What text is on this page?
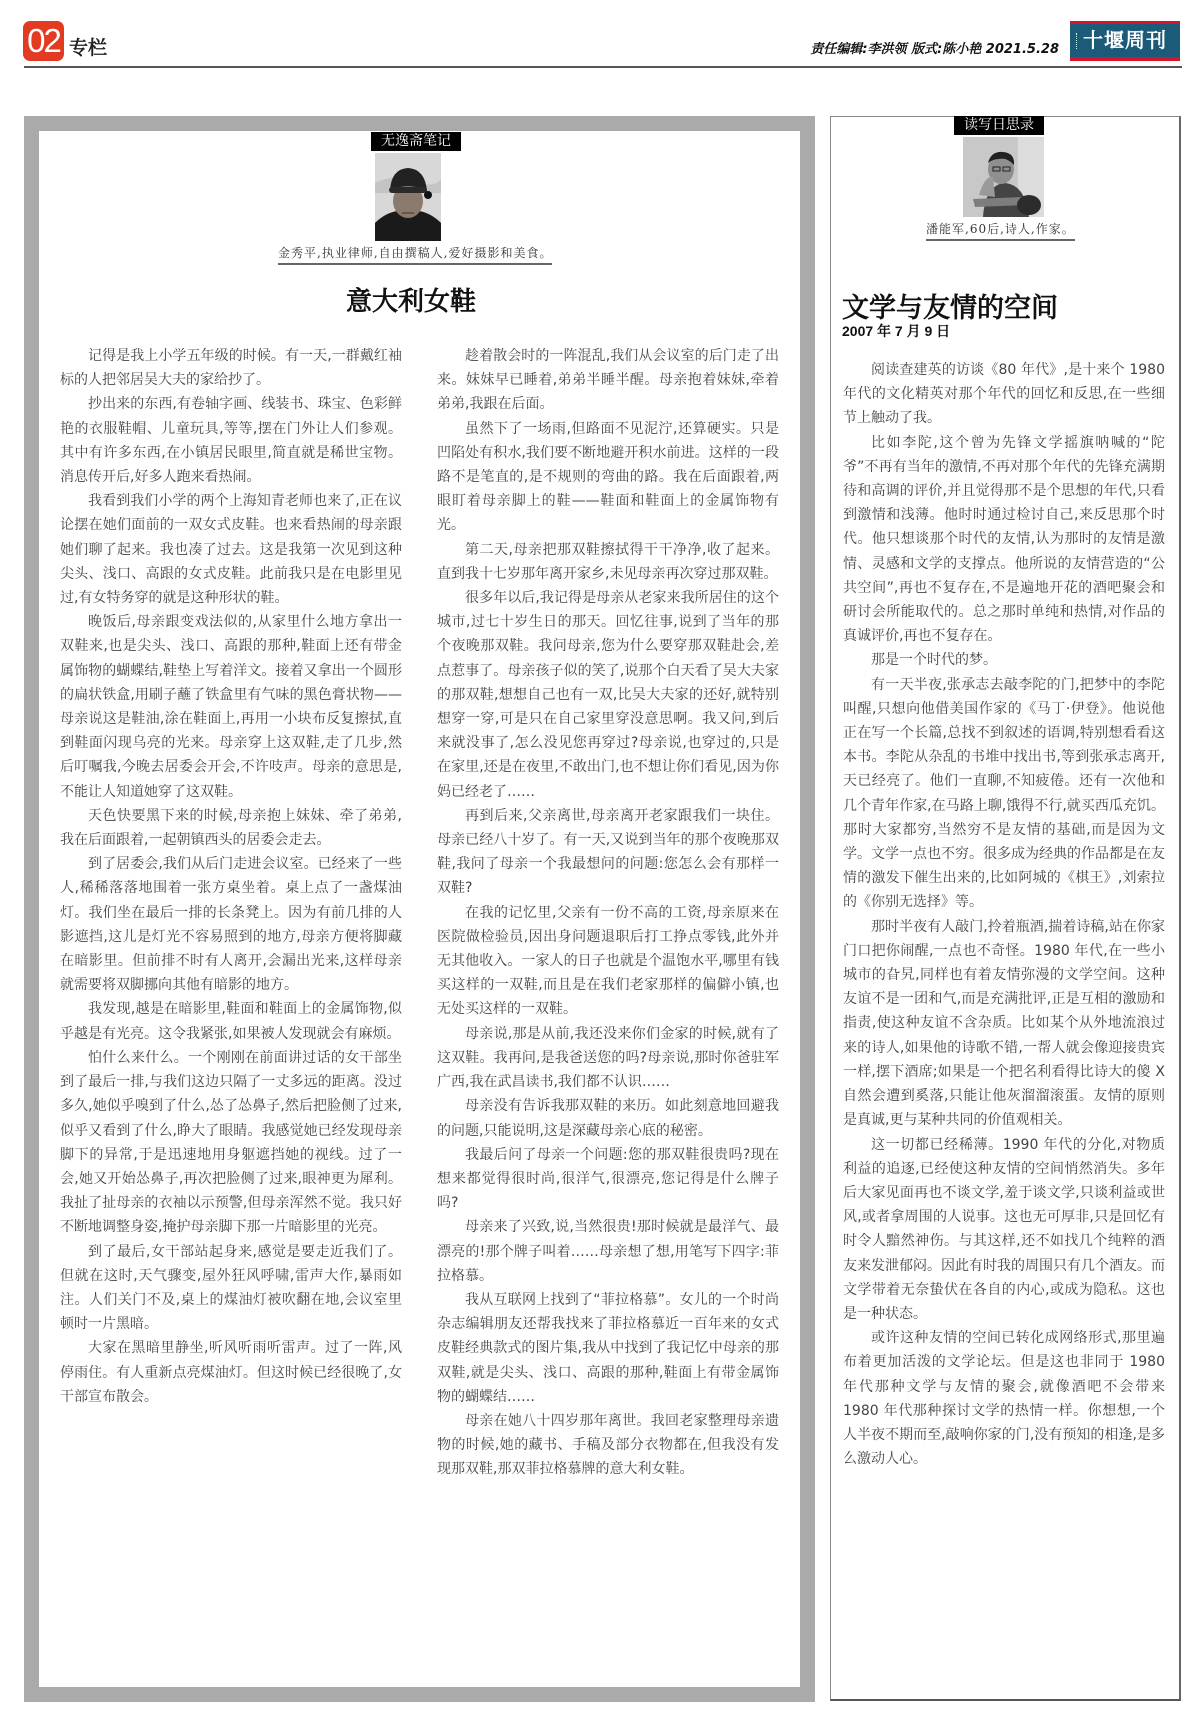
02 专栏	责任编辑:李洪领 版式:陈小艳 2021.5.28	十堰周刊
无逸斋笔记
金秀平,执业律师,自由撰稿人,爱好摄影和美食。
意大利女鞋

记得是我上小学五年级的时候。有一天,一群戴红袖标的人把邻居吴大夫的家给抄了。

抄出来的东西,有卷轴字画、线装书、珠宝、色彩鲜艳的衣服鞋帽、儿童玩具,等等,摆在门外让人们参观。其中有许多东西,在小镇居民眼里,简直就是稀世宝物。消息传开后,好多人跑来看热闹。

我看到我们小学的两个上海知青老师也来了,正在议论摆在她们面前的一双女式皮鞋。也来看热闹的母亲跟她们聊了起来。我也凑了过去。这是我第一次见到这种尖头、浅口、高跟的女式皮鞋。此前我只是在电影里见过,有女特务穿的就是这种形状的鞋。

晚饭后,母亲跟变戏法似的,从家里什么地方拿出一双鞋来,也是尖头、浅口、高跟的那种,鞋面上还有带金属饰物的蝴蝶结,鞋垫上写着洋文。接着又拿出一个圆形的扁状铁盒,用刷子蘸了铁盒里有气味的黑色膏状物——母亲说这是鞋油,涂在鞋面上,再用一小块布反复擦拭,直到鞋面闪现乌亮的光来。母亲穿上这双鞋,走了几步,然后叮嘱我,今晚去居委会开会,不许吱声。母亲的意思是,不能让人知道她穿了这双鞋。

天色快要黑下来的时候,母亲抱上妹妹、牵了弟弟,我在后面跟着,一起朝镇西头的居委会走去。

到了居委会,我们从后门走进会议室。已经来了一些人,稀稀落落地围着一张方桌坐着。桌上点了一盏煤油灯。我们坐在最后一排的长条凳上。因为有前几排的人影遮挡,这儿是灯光不容易照到的地方,母亲方便将脚藏在暗影里。但前排不时有人离开,会漏出光来,这样母亲就需要将双脚挪向其他有暗影的地方。

我发现,越是在暗影里,鞋面和鞋面上的金属饰物,似乎越是有光亮。这令我紧张,如果被人发现就会有麻烦。

怕什么来什么。一个刚刚在前面讲过话的女干部坐到了最后一排,与我们这边只隔了一丈多远的距离。没过多久,她似乎嗅到了什么,怂了怂鼻子,然后把脸侧了过来,似乎又看到了什么,睁大了眼睛。我感觉她已经发现母亲脚下的异常,于是迅速地用身躯遮挡她的视线。过了一会,她又开始怂鼻子,再次把脸侧了过来,眼神更为犀利。我扯了扯母亲的衣袖以示预警,但母亲浑然不觉。我只好不断地调整身姿,掩护母亲脚下那一片暗影里的光亮。

到了最后,女干部站起身来,感觉是要走近我们了。但就在这时,天气骤变,屋外狂风呼啸,雷声大作,暴雨如注。人们关门不及,桌上的煤油灯被吹翻在地,会议室里顿时一片黑暗。

大家在黑暗里静坐,听风听雨听雷声。过了一阵,风停雨住。有人重新点亮煤油灯。但这时候已经很晚了,女干部宣布散会。

趁着散会时的一阵混乱,我们从会议室的后门走了出来。妹妹早已睡着,弟弟半睡半醒。母亲抱着妹妹,牵着弟弟,我跟在后面。

虽然下了一场雨,但路面不见泥泞,还算硬实。只是凹陷处有积水,我们要不断地避开积水前进。这样的一段路不是笔直的,是不规则的弯曲的路。我在后面跟着,两眼盯着母亲脚上的鞋——鞋面和鞋面上的金属饰物有光。

第二天,母亲把那双鞋擦拭得干干净净,收了起来。直到我十七岁那年离开家乡,未见母亲再次穿过那双鞋。

很多年以后,我记得是母亲从老家来我所居住的这个城市,过七十岁生日的那天。回忆往事,说到了当年的那个夜晚那双鞋。我问母亲,您为什么要穿那双鞋赴会,差点惹事了。母亲孩子似的笑了,说那个白天看了吴大夫家的那双鞋,想想自己也有一双,比吴大夫家的还好,就特别想穿一穿,可是只在自己家里穿没意思啊。我又问,到后来就没事了,怎么没见您再穿过?母亲说,也穿过的,只是在家里,还是在夜里,不敢出门,也不想让你们看见,因为你妈已经老了……

再到后来,父亲离世,母亲离开老家跟我们一块住。母亲已经八十岁了。有一天,又说到当年的那个夜晚那双鞋,我问了母亲一个我最想问的问题:您怎么会有那样一双鞋?

在我的记忆里,父亲有一份不高的工资,母亲原来在医院做检验员,因出身问题退职后打工挣点零钱,此外并无其他收入。一家人的日子也就是个温饱水平,哪里有钱买这样的一双鞋,而且是在我们老家那样的偏僻小镇,也无处买这样的一双鞋。

母亲说,那是从前,我还没来你们金家的时候,就有了这双鞋。我再问,是我爸送您的吗?母亲说,那时你爸驻军广西,我在武昌读书,我们都不认识……

母亲没有告诉我那双鞋的来历。如此刻意地回避我的问题,只能说明,这是深藏母亲心底的秘密。

我最后问了母亲一个问题:您的那双鞋很贵吗?现在想来都觉得很时尚,很洋气,很漂亮,您记得是什么牌子吗?

母亲来了兴致,说,当然很贵!那时候就是最洋气、最漂亮的!那个牌子叫着……母亲想了想,用笔写下四字:菲拉格慕。

我从互联网上找到了“菲拉格慕”。女儿的一个时尚杂志编辑朋友还帮我找来了菲拉格慕近一百年来的女式皮鞋经典款式的图片集,我从中找到了我记忆中母亲的那双鞋,就是尖头、浅口、高跟的那种,鞋面上有带金属饰物的蝴蝶结……

母亲在她八十四岁那年离世。我回老家整理母亲遗物的时候,她的藏书、手稿及部分衣物都在,但我没有发现那双鞋,那双菲拉格慕牌的意大利女鞋。

读写日思录
潘能军,60后,诗人,作家。
文学与友情的空间
2007 年 7 月 9 日

阅读查建英的访谈《80 年代》,是十来个 1980 年代的文化精英对那个年代的回忆和反思,在一些细节上触动了我。

比如李陀,这个曾为先锋文学摇旗呐喊的“陀爷”不再有当年的激情,不再对那个年代的先锋充满期待和高调的评价,并且觉得那不是个思想的年代,只看到激情和浅薄。他时时通过检讨自己,来反思那个时代。他只想谈那个时代的友情,认为那时的友情是激情、灵感和文学的支撑点。他所说的友情营造的“公共空间”,再也不复存在,不是遍地开花的酒吧聚会和研讨会所能取代的。总之那时单纯和热情,对作品的真诚评价,再也不复存在。

那是一个时代的梦。

有一天半夜,张承志去敲李陀的门,把梦中的李陀叫醒,只想向他借美国作家的《马丁·伊登》。他说他正在写一个长篇,总找不到叙述的语调,特别想看看这本书。李陀从杂乱的书堆中找出书,等到张承志离开,天已经亮了。他们一直聊,不知疲倦。还有一次他和几个青年作家,在马路上聊,饿得不行,就买西瓜充饥。那时大家都穷,当然穷不是友情的基础,而是因为文学。文学一点也不穷。很多成为经典的作品都是在友情的激发下催生出来的,比如阿城的《棋王》,刘索拉的《你别无选择》等。

那时半夜有人敲门,拎着瓶酒,揣着诗稿,站在你家门口把你闹醒,一点也不奇怪。1980 年代,在一些小城市的旮旯,同样也有着友情弥漫的文学空间。这种友谊不是一团和气,而是充满批评,正是互相的激励和指责,使这种友谊不含杂质。比如某个从外地流浪过来的诗人,如果他的诗歌不错,一帮人就会像迎接贵宾一样,摆下酒席;如果是一个把名利看得比诗大的傻 X 自然会遭到奚落,只能让他灰溜溜滚蛋。友情的原则是真诚,更与某种共同的价值观相关。

这一切都已经稀薄。1990 年代的分化,对物质利益的追逐,已经使这种友情的空间悄然消失。多年后大家见面再也不谈文学,羞于谈文学,只谈利益或世风,或者拿周围的人说事。这也无可厚非,只是回忆有时令人黯然神伤。与其这样,还不如找几个纯粹的酒友来发泄郁闷。因此有时我的周围只有几个酒友。而文学带着无奈蛰伏在各自的内心,或成为隐私。这也是一种状态。

或许这种友情的空间已转化成网络形式,那里遍布着更加活泼的文学论坛。但是这也非同于 1980 年代那种文学与友情的聚会,就像酒吧不会带来 1980 年代那种探讨文学的热情一样。你想想,一个人半夜不期而至,敲响你家的门,没有预知的相逢,是多么激动人心。
